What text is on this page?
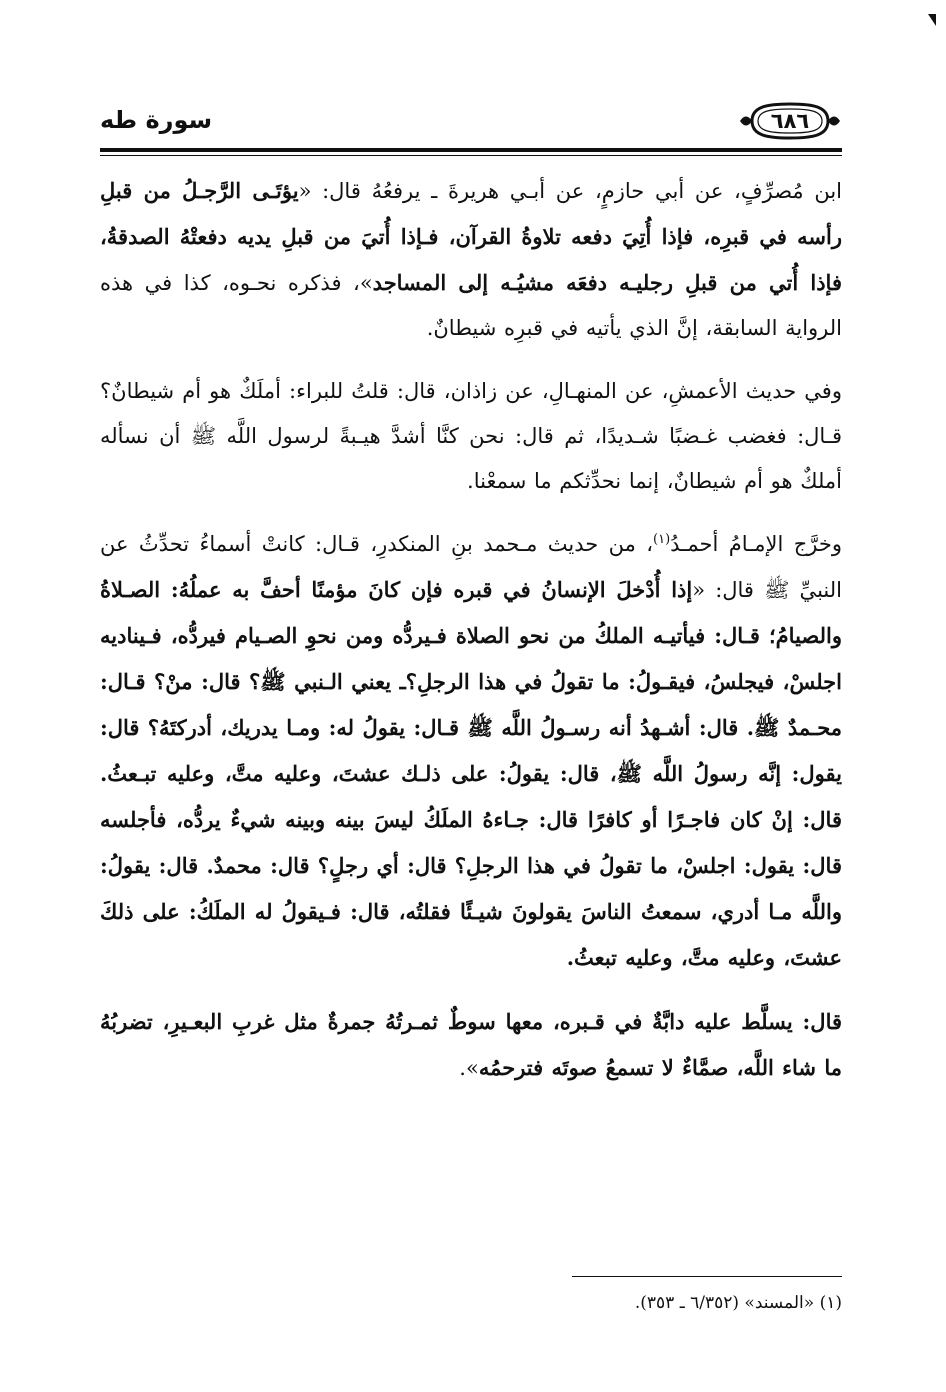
٦٨٦
سورة طه

ابن مُصرِّفٍ، عن أبي حازمٍ، عن أبـي هريرةَ ـ يرفعُهُ قال: «يؤتَـى الرَّجـلُ من قبلِ رأسه في قبرِه، فإذا أُتِيَ دفعه تلاوةُ القرآن، فـإذا أُتيَ من قبلِ يديه دفعتْهُ الصدقةُ، فإذا أُتي من قبلِ رجليـه دفعَه مشيُـه إلى المساجد»، فذكره نحـوه، كذا في هذه الرواية السابقة، إنَّ الذي يأتيه في قبرِه شيطانٌ.

وفي حديث الأعمشِ، عن المنهـالِ، عن زاذان، قال: قلتُ للبراء: أملَكٌ هو أم شيطانٌ؟ قـال: فغضب غـضبًا شـديدًا، ثم قال: نحن كنَّا أشدَّ هيـبةً لرسول اللَّه ﷺ أن نسأله أملكٌ هو أم شيطانٌ، إنما نحدِّثكم ما سمعْنا.

وخرَّج الإمـامُ أحمـدُ$^{(١)}$، من حديث مـحمد بنِ المنكدرِ، قـال: كانتْ أسماءُ تحدِّثُ عن النبيِّ ﷺ قال: «إذا أُدْخلَ الإنسانُ في قبره فإن كانَ مؤمنًا أحفَّ به عملُهُ: الصـلاةُ والصيامُ؛ قـال: فيأتيـه الملكُ من نحو الصلاة فـيردُّه ومن نحوِ الصـيام فيردُّه، فـيناديه اجلسْ، فيجلسُ، فيقـولُ: ما تقولُ في هذا الرجلِ؟ـ يعني الـنبي ﷺ؟ قال: منْ؟ قـال: محـمدٌ ﷺ. قال: أشـهدُ أنه رسـولُ اللَّه ﷺ قـال: يقولُ له: ومـا يدريك، أدركتَهُ؟ قال: يقول: إنَّه رسولُ اللَّه ﷺ، قال: يقولُ: على ذلـك عشتَ، وعليه متَّ، وعليه تبـعثُ. قال: إنْ كان فاجـرًا أو كافرًا قال: جـاءهُ الملَكُ ليسَ بينه وبينه شيءٌ يردُّه، فأجلسه قال: يقول: اجلسْ، ما تقولُ في هذا الرجلِ؟ قال: أي رجلٍ؟ قال: محمدٌ. قال: يقولُ: واللَّه مـا أدري، سمعتُ الناسَ يقولونَ شيـئًا فقلتُه، قال: فـيقولُ له الملَكُ: على ذلكَ عشتَ، وعليه متَّ، وعليه تبعثُ.

قال: يسلَّط عليه دابَّةٌ في قـبره، معها سوطٌ ثمـرتُهُ جمرةٌ مثل غربِ البعـيرِ، تضربُهُ ما شاء اللَّه، صمَّاءٌ لا تسمعُ صوتَه فترحمُه».

(١) «المسند» (٦/٣٥٢ ـ ٣٥٣).
